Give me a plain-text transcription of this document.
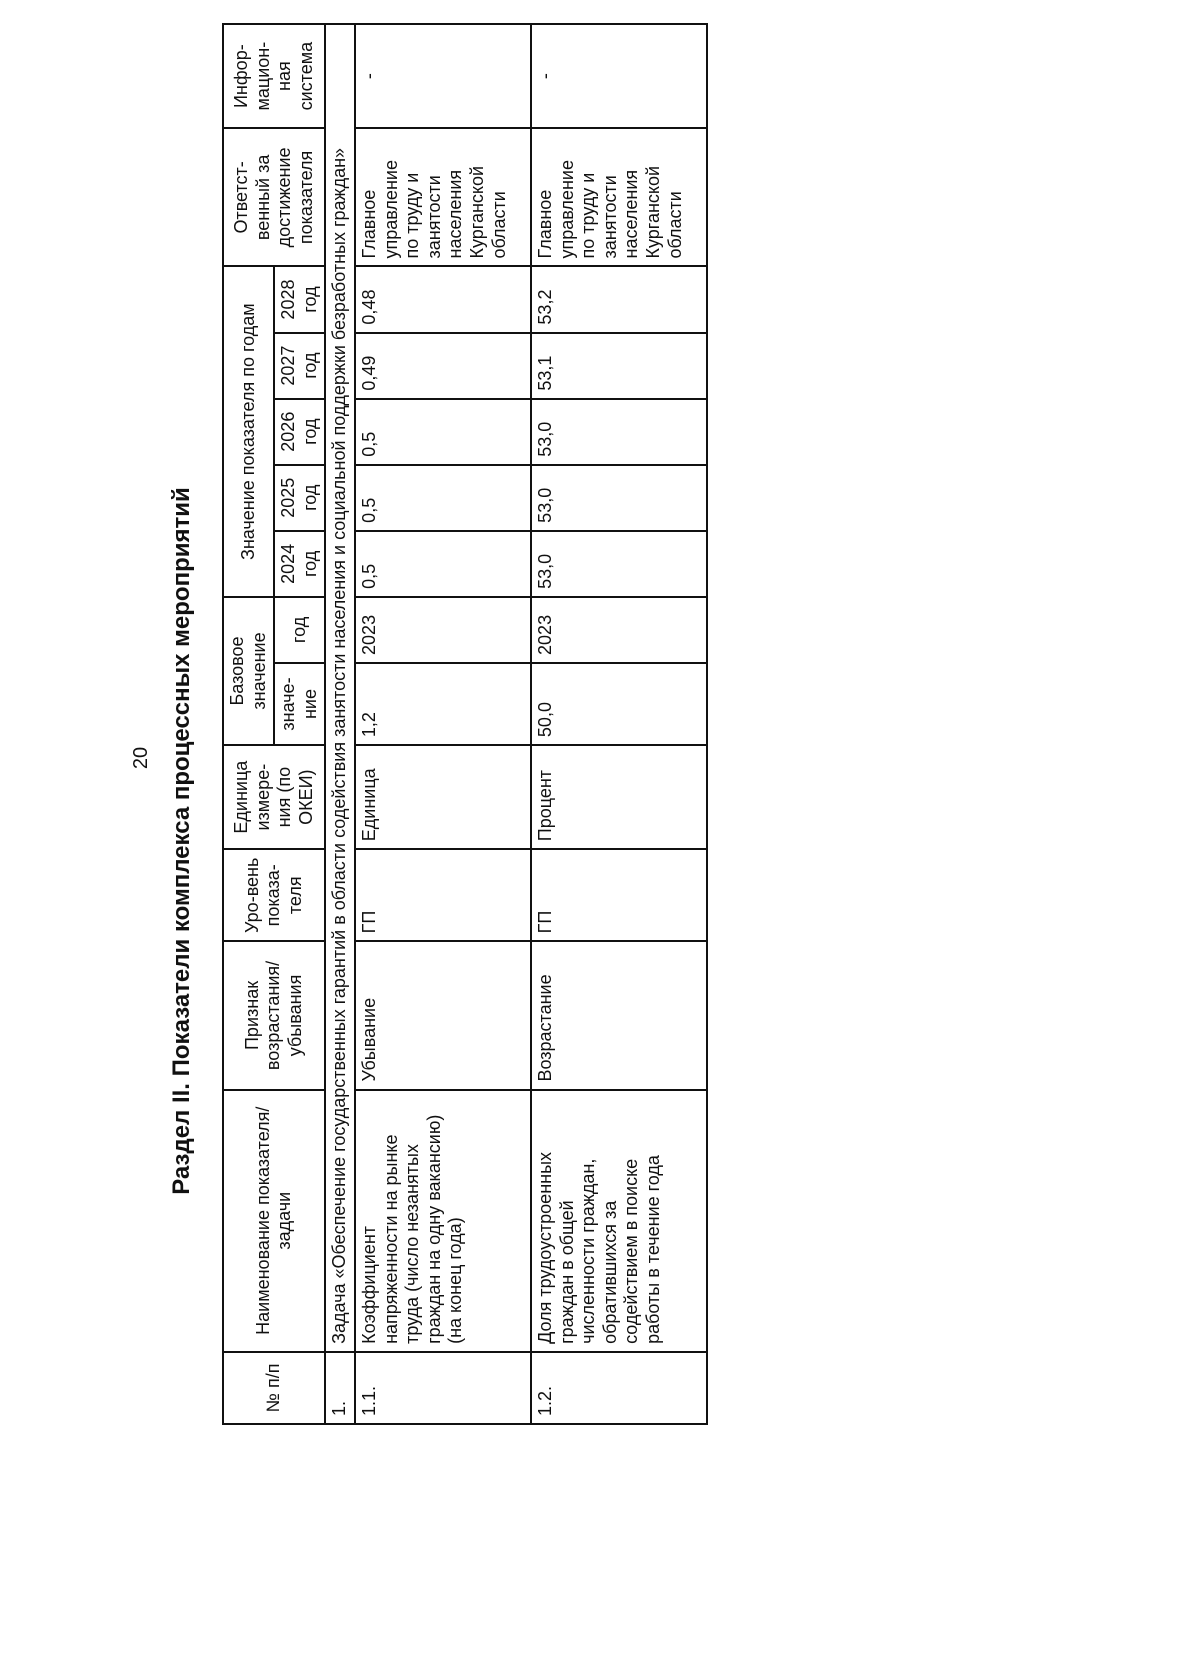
20 Раздел II. Показатели комплекса процессных мероприятий
№ п/п	Наименование показателя/ задачи	Признак возрастания/ убывания	Уро-вень показа-теля	Единица измере-ния (по ОКЕИ)	Базовое значение		Значение показателя по годам					Ответст-венный за достижение показателя	Инфор-мацион-ная система
					значе-ние	год	2024 год	2025 год	2026 год	2027 год	2028 год		
1.	Задача «Обеспечение государственных гарантий в области содействия занятости населения и социальной поддержки безработных граждан»												
1.1.	Коэффициент напряженности на рынке труда (число незанятых граждан на одну вакансию) (на конец года)	Убывание	ГП	Единица	1,2	2023	0,5	0,5	0,5	0,49	0,48	Главное управление по труду и занятости населения Курганской области	-
1.2.	Доля трудоустроенных граждан в общей численности граждан, обратившихся за содействием в поиске работы в течение года	Возрастание	ГП	Процент	50,0	2023	53,0	53,0	53,0	53,1	53,2	Главное управление по труду и занятости населения Курганской области	-
